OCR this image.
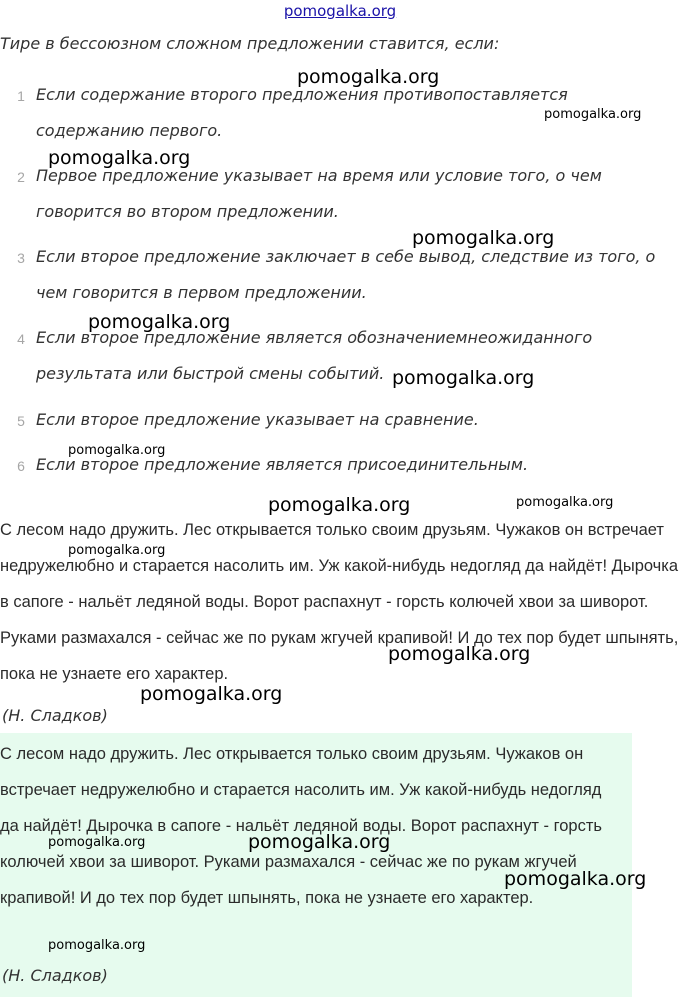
pomogalka.org
Тире в бессоюзном сложном предложении ставится, если:
1 Если содержание второго предложения противопоставляется содержанию первого.
2 Первое предложение указывает на время или условие того, о чем говорится во втором предложении.
3 Если вторoе предложение заключает в себе вывод, следствие из того, о чем говорится в первом предложении.
4 Если второе предложение является обозначениемнеожиданного результата или быстрой смены событий.
5 Если второе предложение указывает на сравнение.
6 Если второе предложение является присоединительным.
С лесом надо дружить. Лес открывается только своим друзьям. Чужаков он встречает недружелюбно и старается насолить им. Уж какой-нибудь недогляд да найдёт! Дырочка в сапоге - нальёт ледяной воды. Ворот распахнут - горсть колючей хвои за шиворот. Руками размахался - сейчас же по рукам жгучей крапивой! И до тех пор будет шпынять, пока не узнаете его характер.
(Н. Сладков)
С лесом надо дружить. Лес открывается только своим друзьям. Чужаков он встречает недружелюбно и старается насолить им. Уж какой-нибудь недогляд да найдёт! Дырочка в сапоге - нальёт ледяной воды. Ворот распахнут - горсть колючей хвои за шиворот. Руками размахался - сейчас же по рукам жгучей крапивой! И до тех пор будет шпынять, пока не узнаете его характер.
(Н. Сладков)
pomogalka.org
pomogalka.org
pomogalka.org
pomogalka.org
pomogalka.org
pomogalka.org
pomogalka.org
pomogalka.org	pomogalka.org
pomogalka.org
pomogalka.org
pomogalka.org
pomogalka.org	pomogalka.org
pomogalka.org
pomogalka.org
